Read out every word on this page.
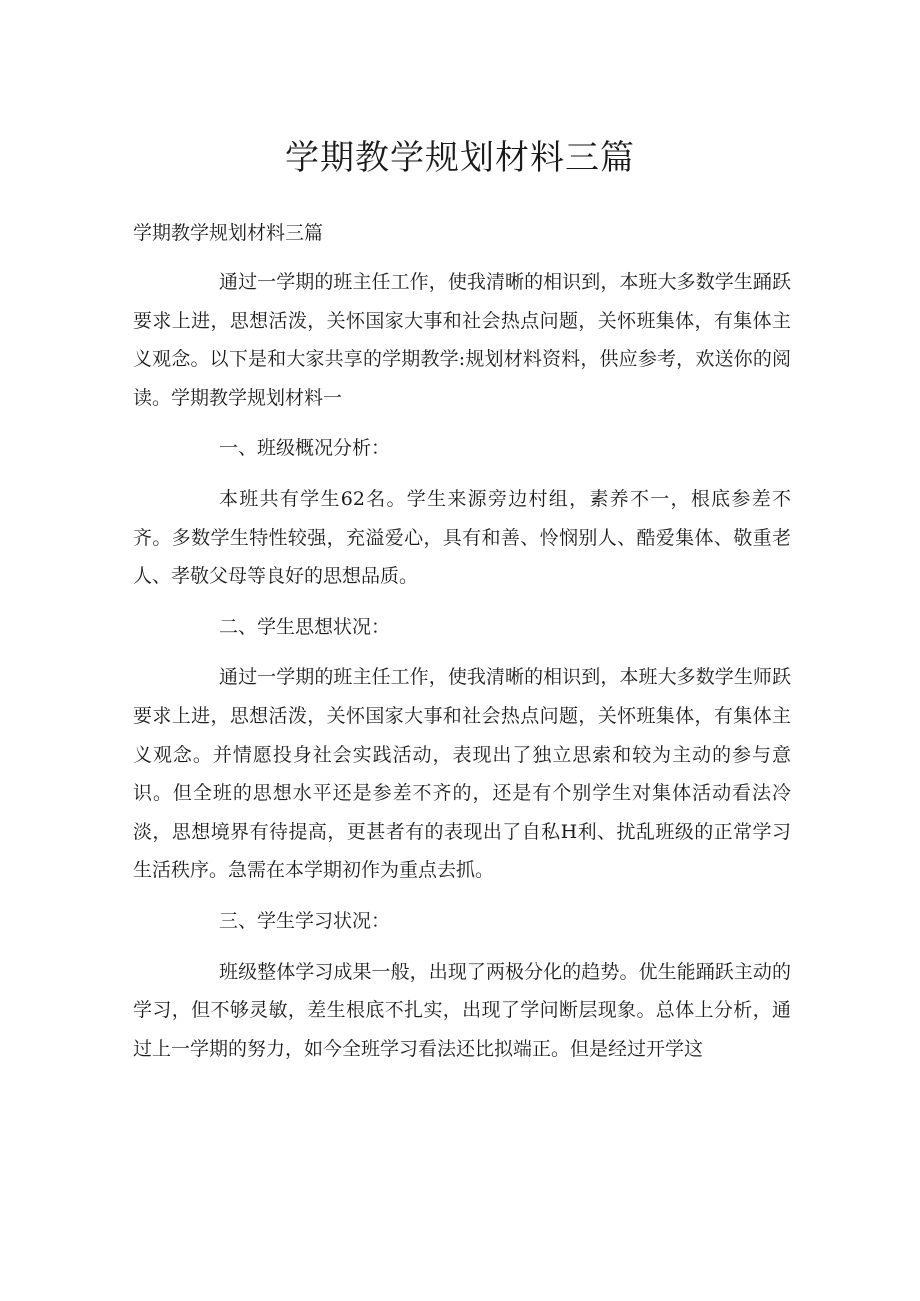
学期教学规划材料三篇

学期教学规划材料三篇

通过一学期的班主任工作，使我清晰的相识到，本班大多数学生踊跃要求上进，思想活泼，关怀国家大事和社会热点问题，关怀班集体，有集体主义观念。以下是和大家共享的学期教学:规划材料资料，供应参考，欢送你的阅读。学期教学规划材料一

一、班级概况分析：

本班共有学生62名。学生来源旁边村组，素养不一，根底参差不齐。多数学生特性较强，充溢爱心，具有和善、怜悯别人、酷爱集体、敬重老人、孝敬父母等良好的思想品质。

二、学生思想状况：

通过一学期的班主任工作，使我清晰的相识到，本班大多数学生师跃要求上进，思想活泼，关怀国家大事和社会热点问题，关怀班集体，有集体主义观念。并情愿投身社会实践活动，表现出了独立思索和较为主动的参与意识。但全班的思想水平还是参差不齐的，还是有个别学生对集体活动看法冷淡，思想境界有待提高，更甚者有的表现出了自私H利、扰乱班级的正常学习生活秩序。急需在本学期初作为重点去抓。

三、学生学习状况：

班级整体学习成果一般，出现了两极分化的趋势。优生能踊跃主动的学习，但不够灵敏，差生根底不扎实，出现了学问断层现象。总体上分析，通过上一学期的努力，如今全班学习看法还比拟端正。但是经过开学这
